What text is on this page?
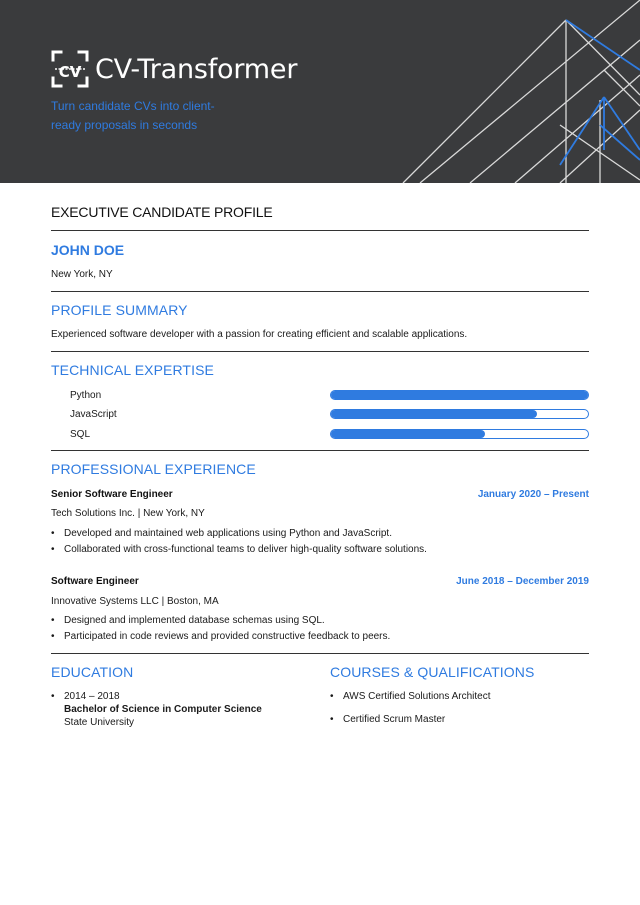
CV CV-Transformer
Turn candidate CVs into client-
ready proposals in seconds
EXECUTIVE CANDIDATE PROFILE
JOHN DOE
New York, NY
PROFILE SUMMARY
Experienced software developer with a passion for creating efficient and scalable applications.
TECHNICAL EXPERTISE
Python
JavaScript
SQL
PROFESSIONAL EXPERIENCE
Senior Software Engineer	January 2020 – Present
Tech Solutions Inc. | New York, NY
• Developed and maintained web applications using Python and JavaScript.
• Collaborated with cross-functional teams to deliver high-quality software solutions.
Software Engineer	June 2018 – December 2019
Innovative Systems LLC | Boston, MA
• Designed and implemented database schemas using SQL.
• Participated in code reviews and provided constructive feedback to peers.
EDUCATION
• 2014 – 2018
Bachelor of Science in Computer Science
State University
COURSES & QUALIFICATIONS
• AWS Certified Solutions Architect
• Certified Scrum Master
